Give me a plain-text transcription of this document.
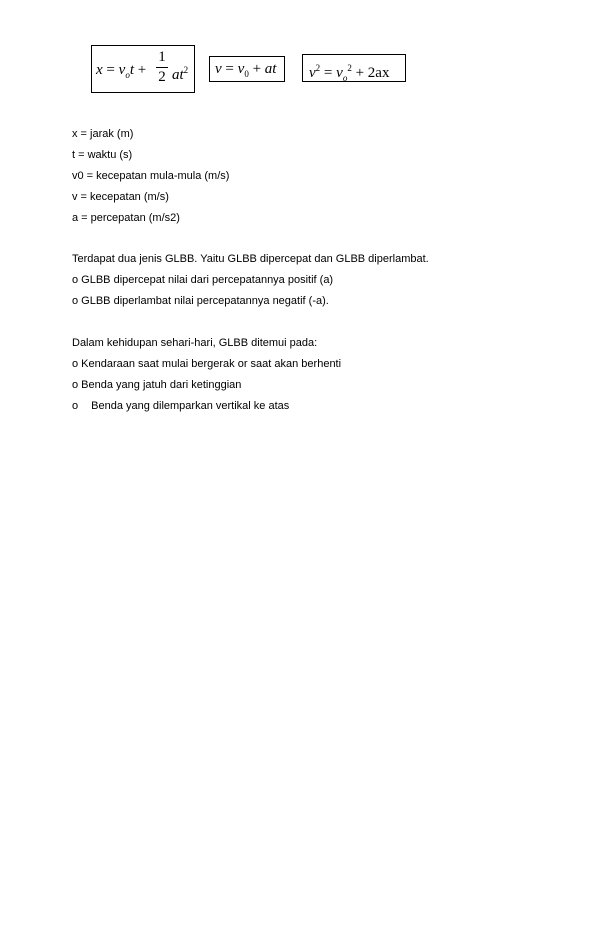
$x = v_ot + \frac{1}{2} at^2$ $v = v_0$ + at $v^2 = v_o^2 + 2ax$
x = jarak (m)
t = waktu (s)
v0 = kecepatan mula-mula (m/s)
v = kecepatan (m/s)
a = percepatan (m/s2)
Terdapat dua jenis GLBB. Yaitu GLBB dipercepat dan GLBB diperlambat.
o GLBB dipercepat nilai dari percepatannya positif (a)
o GLBB diperlambat nilai percepatannya negatif (-a).
Dalam kehidupan sehari-hari, GLBB ditemui pada:
o Kendaraan saat mulai bergerak or saat akan berhenti
o Benda yang jatuh dari ketinggian
o Benda yang dilemparkan vertikal ke atas
